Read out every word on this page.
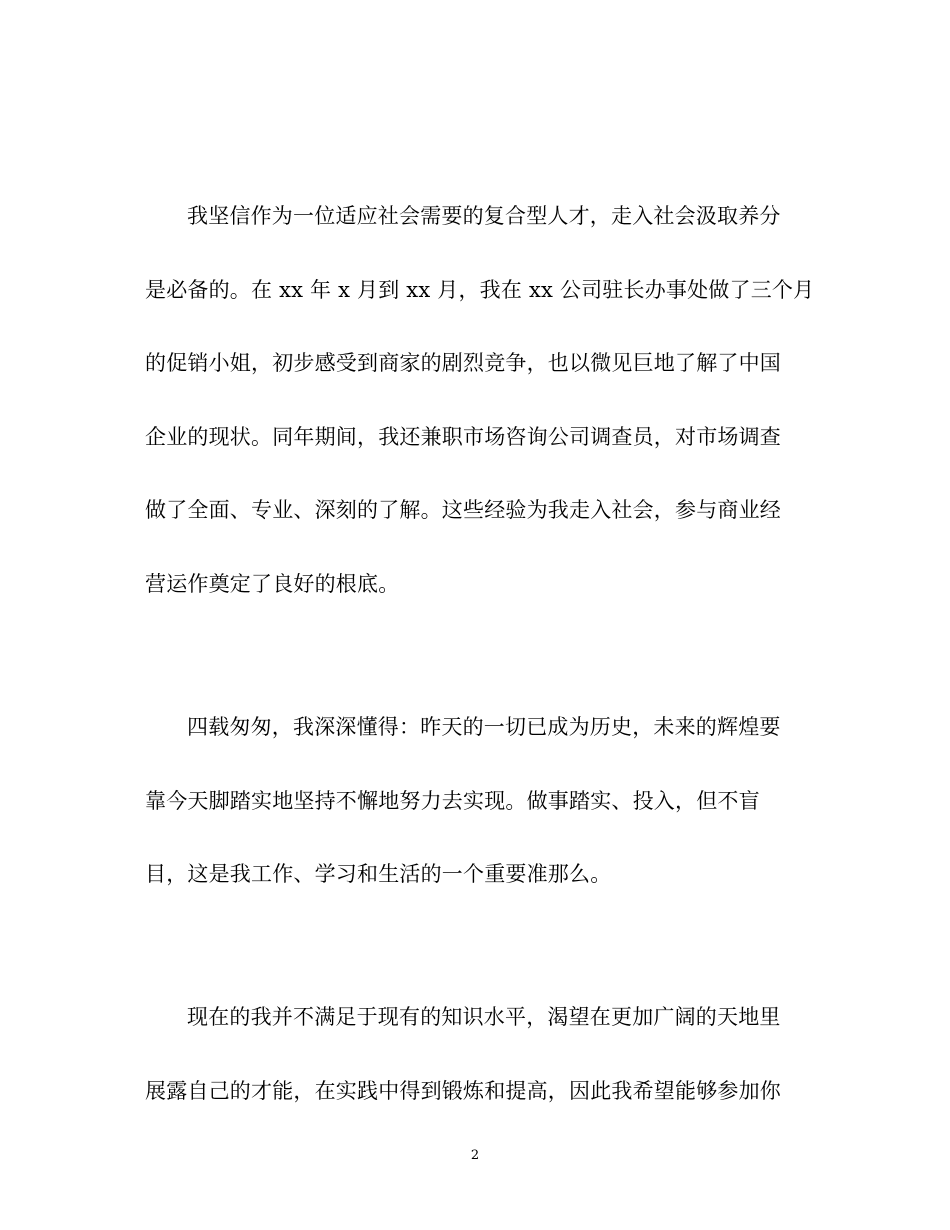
我坚信作为一位适应社会需要的复合型人才，走入社会汲取养分
是必备的。在 xx 年 x 月到 xx 月，我在 xx 公司驻长办事处做了三个月
的促销小姐，初步感受到商家的剧烈竞争，也以微见巨地了解了中国
企业的现状。同年期间，我还兼职市场咨询公司调查员，对市场调查
做了全面、专业、深刻的了解。这些经验为我走入社会，参与商业经
营运作奠定了良好的根底。
四载匆匆，我深深懂得：昨天的一切已成为历史，未来的辉煌要
靠今天脚踏实地坚持不懈地努力去实现。做事踏实、投入，但不盲
目，这是我工作、学习和生活的一个重要准那么。
现在的我并不满足于现有的知识水平，渴望在更加广阔的天地里
展露自己的才能，在实践中得到锻炼和提高，因此我希望能够参加你
2
